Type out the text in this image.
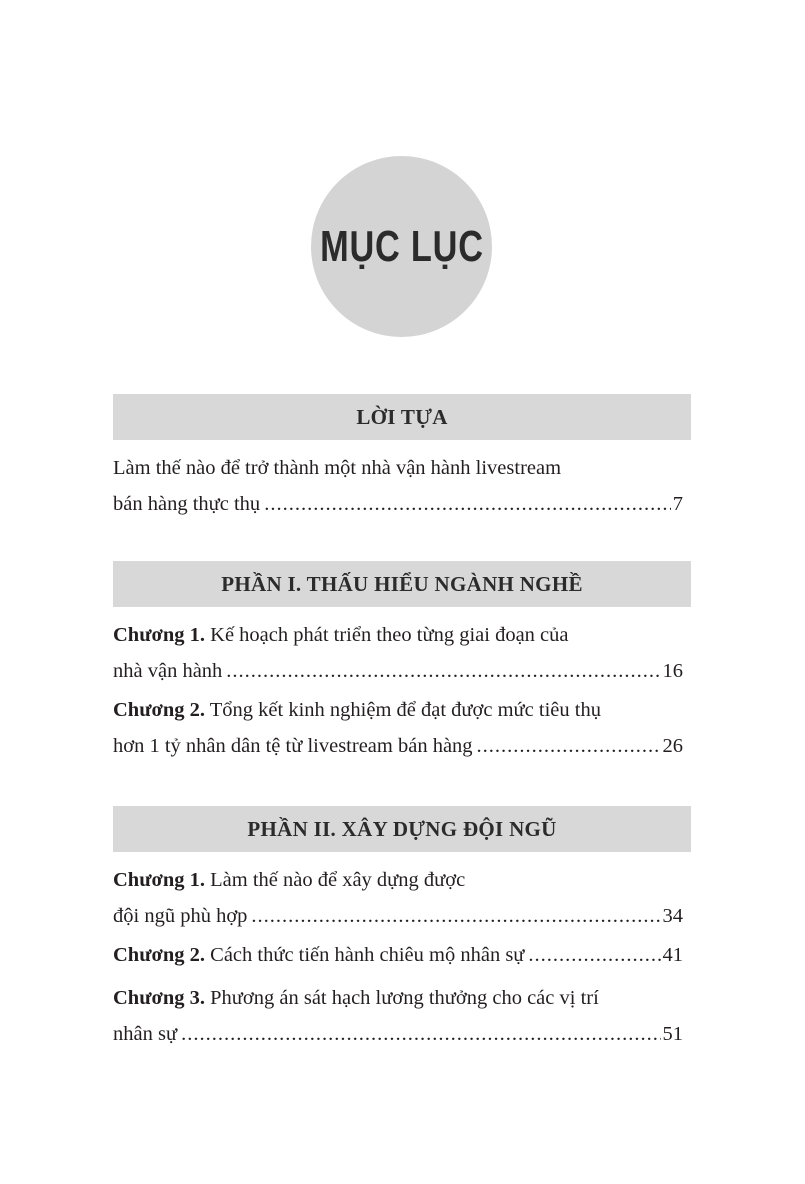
MỤC LỤC
LỜI TỰA
Làm thế nào để trở thành một nhà vận hành livestream
bán hàng thực thụ .....	7
PHẦN I. THẤU HIỂU NGÀNH NGHỀ
Chương 1. Kế hoạch phát triển theo từng giai đoạn của
nhà vận hành .....	16
Chương 2. Tổng kết kinh nghiệm để đạt được mức tiêu thụ
hơn 1 tỷ nhân dân tệ từ livestream bán hàng .....	26
PHẦN II. XÂY DỰNG ĐỘI NGŨ
Chương 1. Làm thế nào để xây dựng được
đội ngũ phù hợp .....	34
Chương 2. Cách thức tiến hành chiêu mộ nhân sự .....	41
Chương 3. Phương án sát hạch lương thưởng cho các vị trí
nhân sự .....	51
